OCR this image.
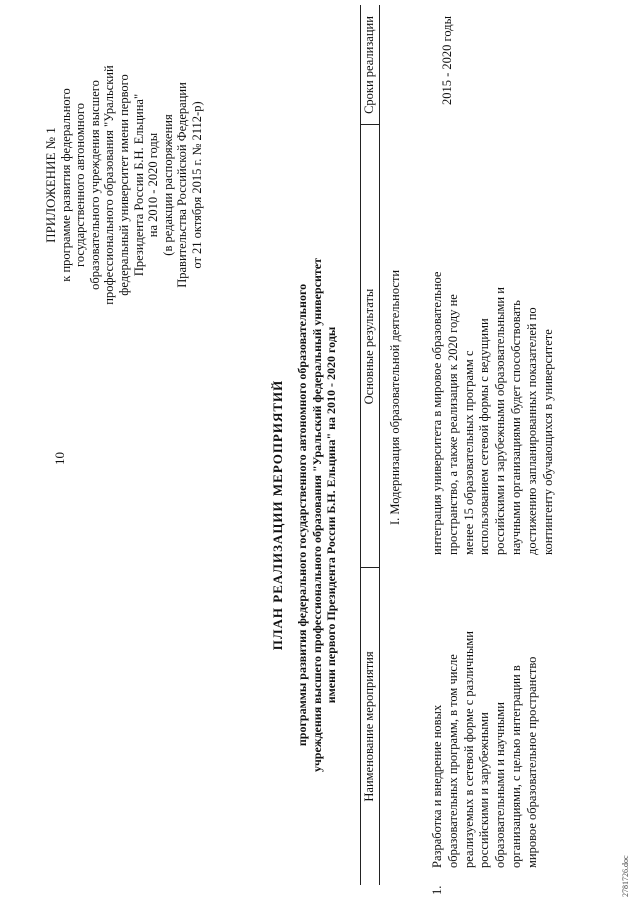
10
ПРИЛОЖЕНИЕ № 1 к программе развития федерального государственного автономного образовательного учреждения высшего профессионального образования "Уральский федеральный университет имени первого Президента России Б.Н. Ельцина" на 2010 - 2020 годы (в редакции распоряжения Правительства Российской Федерации от 21 октября 2015 г. № 2112-р)
ПЛАН РЕАЛИЗАЦИИ МЕРОПРИЯТИЙ программы развития федерального государственного автономного образовательного учреждения высшего профессионального образования "Уральский федеральный университет имени первого Президента России Б.Н. Ельцина" на 2010 - 2020 годы
Наименование мероприятия
Основные результаты
Сроки реализации
I. Модернизация образовательной деятельности
1.
Разработка и внедрение новых образовательных программ, в том числе реализуемых в сетевой форме с различными российскими и зарубежными образовательными и научными организациями, с целью интеграции в мировое образовательное пространство
интеграция университета в мировое образовательное пространство, а также реализация к 2020 году не менее 15 образовательных программ с использованием сетевой формы с ведущими российскими и зарубежными образовательными и научными организациями будет способствовать достижению запланированных показателей по контингенту обучающихся в университете
2015 - 2020 годы
2781726.doc
